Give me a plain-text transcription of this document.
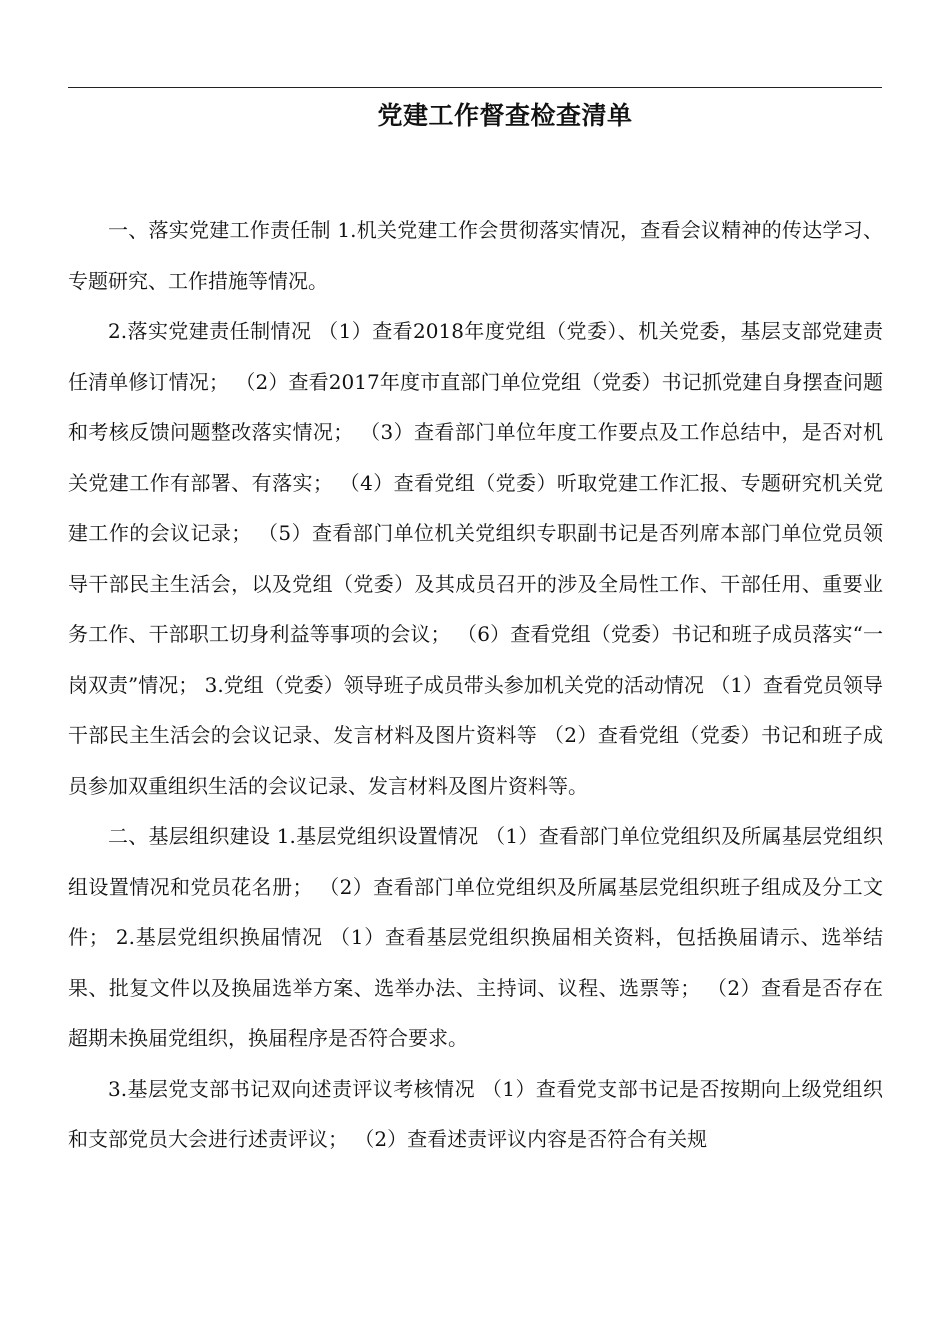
党建工作督查检查清单

一、落实党建工作责任制 1.机关党建工作会贯彻落实情况，查看会议精神的传达学习、专题研究、工作措施等情况。

2.落实党建责任制情况 （1）查看2018年度党组（党委）、机关党委，基层支部党建责任清单修订情况； （2）查看2017年度市直部门单位党组（党委）书记抓党建自身摆查问题和考核反馈问题整改落实情况； （3）查看部门单位年度工作要点及工作总结中，是否对机关党建工作有部署、有落实； （4）查看党组（党委）听取党建工作汇报、专题研究机关党建工作的会议记录； （5）查看部门单位机关党组织专职副书记是否列席本部门单位党员领导干部民主生活会，以及党组（党委）及其成员召开的涉及全局性工作、干部任用、重要业务工作、干部职工切身利益等事项的会议； （6）查看党组（党委）书记和班子成员落实“一岗双责”情况； 3.党组（党委）领导班子成员带头参加机关党的活动情况 （1）查看党员领导干部民主生活会的会议记录、发言材料及图片资料等 （2）查看党组（党委）书记和班子成员参加双重组织生活的会议记录、发言材料及图片资料等。

二、基层组织建设 1.基层党组织设置情况 （1）查看部门单位党组织及所属基层党组织组设置情况和党员花名册； （2）查看部门单位党组织及所属基层党组织班子组成及分工文件； 2.基层党组织换届情况 （1）查看基层党组织换届相关资料，包括换届请示、选举结果、批复文件以及换届选举方案、选举办法、主持词、议程、选票等； （2）查看是否存在超期未换届党组织，换届程序是否符合要求。

3.基层党支部书记双向述责评议考核情况 （1）查看党支部书记是否按期向上级党组织和支部党员大会进行述责评议； （2）查看述责评议内容是否符合有关规
